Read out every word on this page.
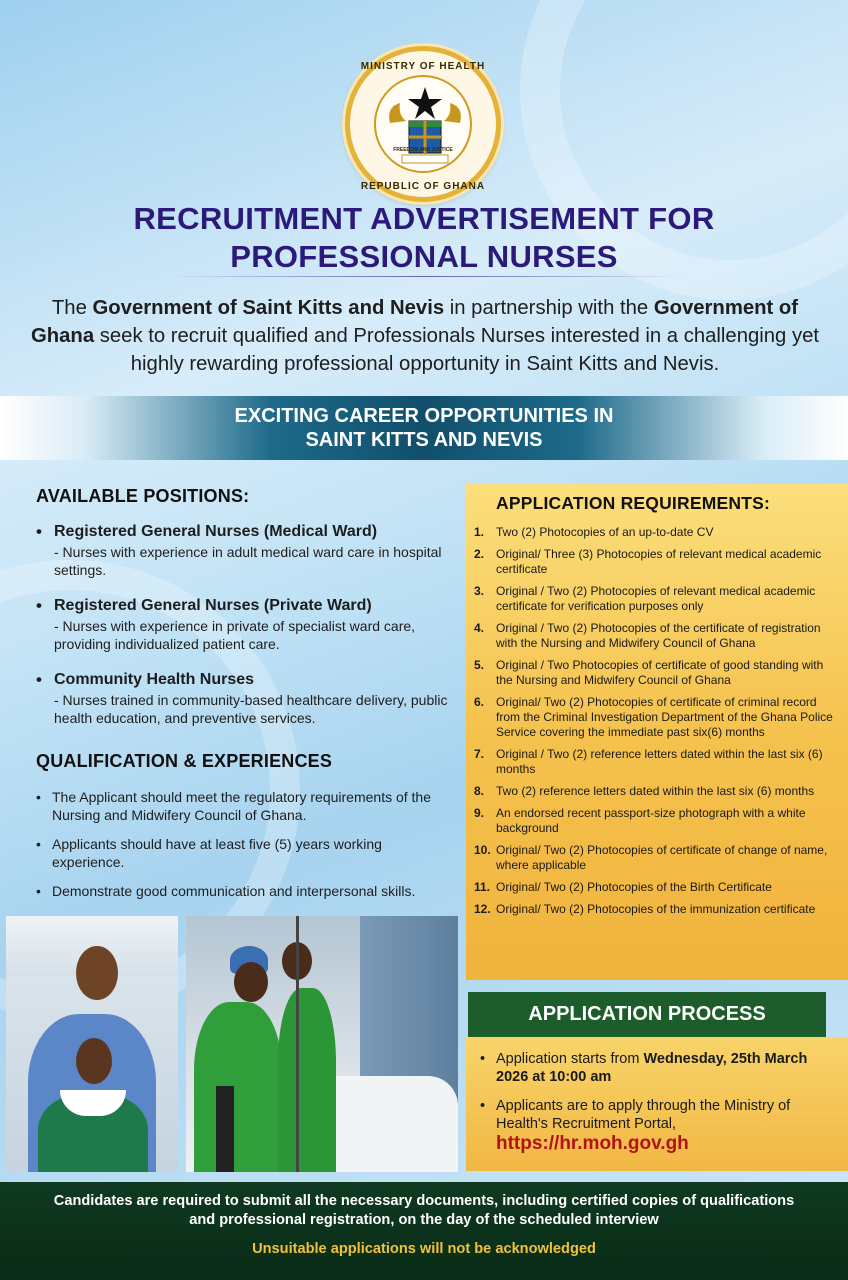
MINISTRY OF HEALTH
REPUBLIC OF GHANA
FREEDOM AND JUSTICE
RECRUITMENT ADVERTISEMENT FOR
PROFESSIONAL NURSES
The Government of Saint Kitts and Nevis in partnership with the Government of Ghana seek to recruit qualified and Professionals Nurses interested in a challenging yet highly rewarding professional opportunity in Saint Kitts and Nevis.
EXCITING CAREER OPPORTUNITIES IN
SAINT KITTS AND NEVIS
AVAILABLE POSITIONS:
• Registered General Nurses (Medical Ward)
- Nurses with experience in adult medical ward care in hospital settings.
• Registered General Nurses (Private Ward)
- Nurses with experience in private of specialist ward care, providing individualized patient care.
• Community Health Nurses
- Nurses trained in community-based healthcare delivery, public health education, and preventive services.
QUALIFICATION & EXPERIENCES
• The Applicant should meet the regulatory requirements of the Nursing and Midwifery Council of Ghana.
• Applicants should have at least five (5) years working experience.
• Demonstrate good communication and interpersonal skills.
APPLICATION REQUIREMENTS:
1. Two (2) Photocopies of an up-to-date CV
2. Original/ Three (3) Photocopies of relevant medical academic certificate
3. Original / Two (2) Photocopies of relevant medical academic certificate for verification purposes only
4. Original / Two (2) Photocopies of the certificate of registration with the Nursing and Midwifery Council of Ghana
5. Original / Two Photocopies of certificate of good standing with the Nursing and Midwifery Council of Ghana
6. Original/ Two (2) Photocopies of certificate of criminal record from the Criminal Investigation Department of the Ghana Police Service covering the immediate past six(6) months
7. Original / Two (2) reference letters dated within the last six (6) months
8. Two (2) reference letters dated within the last six (6) months
9. An endorsed recent passport-size photograph with a white background
10. Original/ Two (2) Photocopies of certificate of change of name, where applicable
11. Original/ Two (2) Photocopies of the Birth Certificate
12. Original/ Two (2) Photocopies of the immunization certificate
APPLICATION PROCESS
• Application starts from Wednesday, 25th March 2026 at 10:00 am
• Applicants are to apply through the Ministry of Health's Recruitment Portal,
https://hr.moh.gov.gh
Candidates are required to submit all the necessary documents, including certified copies of qualifications and professional registration, on the day of the scheduled interview
Unsuitable applications will not be acknowledged
